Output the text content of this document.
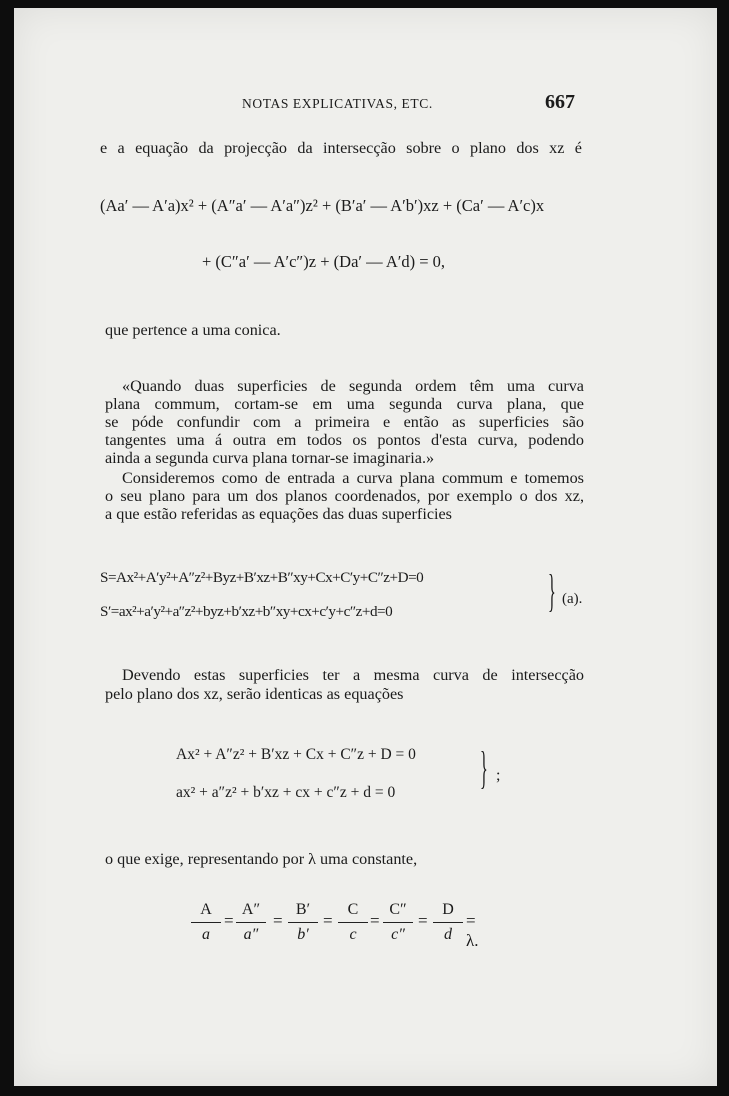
NOTAS EXPLICATIVAS, ETC.	667
e a equação da projecção da intersecção sobre o plano dos xz é
(Aa′ — A′a)x² + (A″a′ — A′a″)z² + (B′a′ — A′b′)xz + (Ca′ — A′c)x
+ (C″a′ — A′c″)z + (Da′ — A′d) = 0,
que pertence a uma conica.
«Quando duas superficies de segunda ordem têm uma curva
plana commum, cortam-se em uma segunda curva plana, que
se póde confundir com a primeira e então as superficies são
tangentes uma á outra em todos os pontos d'esta curva, podendo
ainda a segunda curva plana tornar-se imaginaria.»
Consideremos como de entrada a curva plana commum e tomemos
o seu plano para um dos planos coordenados, por exemplo o dos xz,
a que estão referidas as equações das duas superficies
S=Ax²+A′y²+A″z²+Byz+B′xz+B″xy+Cx+C′y+C″z+D=0
S′=ax²+a′y²+a″z²+byz+b′xz+b″xy+cx+c′y+c″z+d=0	} (a).
Devendo estas superficies ter a mesma curva de intersecção
pelo plano dos xz, serão identicas as equações
Ax² + A″z² + B′xz + Cx + C″z + D = 0
ax² + a″z² + b′xz + cx + c″z + d = 0 } ;
o que exige, representando por λ uma constante,
A
a
=
A″
a″
=
B′
b′
=
C
c
=
C″
c″
=
D
d
= λ.
